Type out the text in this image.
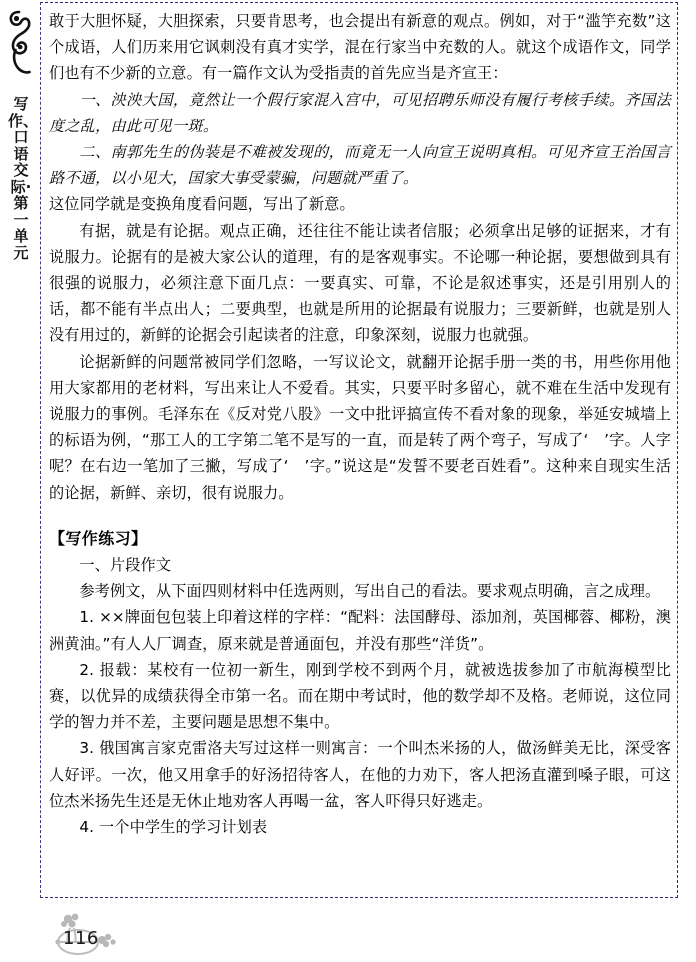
写作、口语交际·第一单元

敢于大胆怀疑，大胆探索，只要肯思考，也会提出有新意的观点。例如，对于“滥竽充数”这个成语，人们历来用它讽刺没有真才实学，混在行家当中充数的人。就这个成语作文，同学们也有不少新的立意。有一篇作文认为受指责的首先应当是齐宣王：

一、泱泱大国，竟然让一个假行家混入宫中，可见招聘乐师没有履行考核手续。齐国法度之乱，由此可见一斑。

二、南郭先生的伪装是不难被发现的，而竟无一人向宣王说明真相。可见齐宣王治国言路不通，以小见大，国家大事受蒙骗，问题就严重了。

这位同学就是变换角度看问题，写出了新意。

有据，就是有论据。观点正确，还往往不能让读者信服；必须拿出足够的证据来，才有说服力。论据有的是被大家公认的道理，有的是客观事实。不论哪一种论据，要想做到具有很强的说服力，必须注意下面几点：一要真实、可靠，不论是叙述事实，还是引用别人的话，都不能有半点出人；二要典型，也就是所用的论据最有说服力；三要新鲜，也就是别人没有用过的，新鲜的论据会引起读者的注意，印象深刻，说服力也就强。

论据新鲜的问题常被同学们忽略，一写议论文，就翻开论据手册一类的书，用些你用他用大家都用的老材料，写出来让人不爱看。其实，只要平时多留心，就不难在生活中发现有说服力的事例。毛泽东在《反对党八股》一文中批评搞宣传不看对象的现象，举延安城墙上的标语为例，“那工人的工字第二笔不是写的一直，而是转了两个弯子，写成了‘　’字。人字呢？在右边一笔加了三撇，写成了‘　’字。”说这是“发誓不要老百姓看”。这种来自现实生活的论据，新鲜、亲切，很有说服力。

【写作练习】

一、片段作文

参考例文，从下面四则材料中任选两则，写出自己的看法。要求观点明确，言之成理。

1. ××牌面包包装上印着这样的字样：“配料：法国酵母、添加剂，英国椰蓉、椰粉，澳洲黄油。”有人人厂调查，原来就是普通面包，并没有那些“洋货”。

2. 报载：某校有一位初一新生，刚到学校不到两个月，就被选拔参加了市航海模型比赛，以优异的成绩获得全市第一名。而在期中考试时，他的数学却不及格。老师说，这位同学的智力并不差，主要问题是思想不集中。

3. 俄国寓言家克雷洛夫写过这样一则寓言：一个叫杰米扬的人，做汤鲜美无比，深受客人好评。一次，他又用拿手的好汤招待客人，在他的力劝下，客人把汤直灌到嗓子眼，可这位杰米扬先生还是无休止地劝客人再喝一盆，客人吓得只好逃走。

4. 一个中学生的学习计划表

116
